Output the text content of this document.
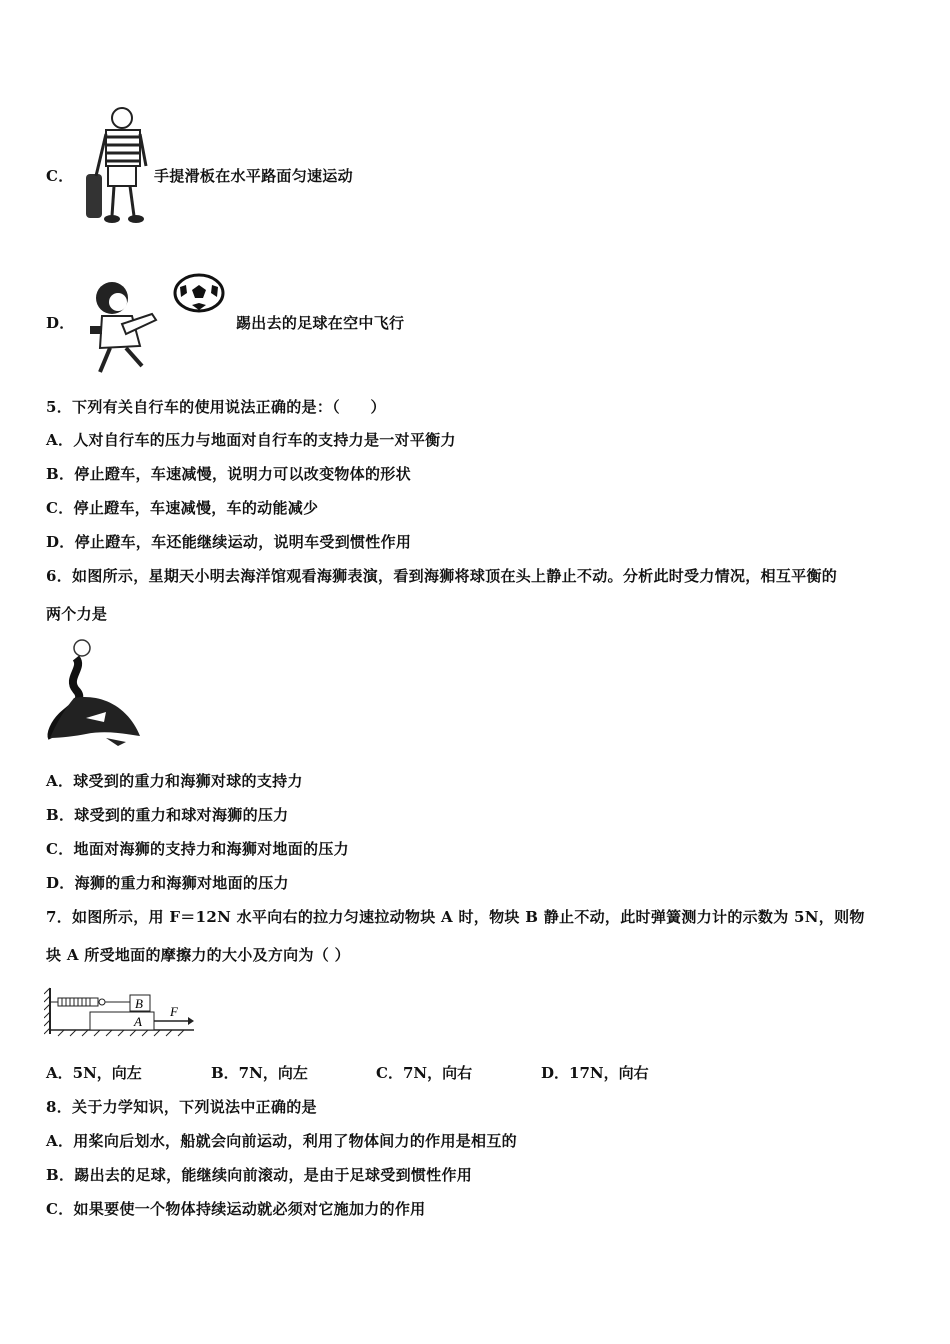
C．	手提滑板在水平路面匀速运动
D．	踢出去的足球在空中飞行
5．下列有关自行车的使用说法正确的是：（　　）
A．人对自行车的压力与地面对自行车的支持力是一对平衡力
B．停止蹬车，车速减慢，说明力可以改变物体的形状
C．停止蹬车，车速减慢，车的动能减少
D．停止蹬车，车还能继续运动，说明车受到惯性作用
6．如图所示，星期天小明去海洋馆观看海狮表演，看到海狮将球顶在头上静止不动。分析此时受力情况，相互平衡的
两个力是
A．球受到的重力和海狮对球的支持力
B．球受到的重力和球对海狮的压力
C．地面对海狮的支持力和海狮对地面的压力
D．海狮的重力和海狮对地面的压力
7．如图所示，用 F＝12N 水平向右的拉力匀速拉动物块 A 时，物块 B 静止不动，此时弹簧测力计的示数为 5N，则物
块 A 所受地面的摩擦力的大小及方向为（ ）
B
A
F
A．5N，向左	B．7N，向左	C．7N，向右	D．17N，向右
8．关于力学知识，下列说法中正确的是
A．用桨向后划水，船就会向前运动，利用了物体间力的作用是相互的
B．踢出去的足球，能继续向前滚动，是由于足球受到惯性作用
C．如果要使一个物体持续运动就必须对它施加力的作用
